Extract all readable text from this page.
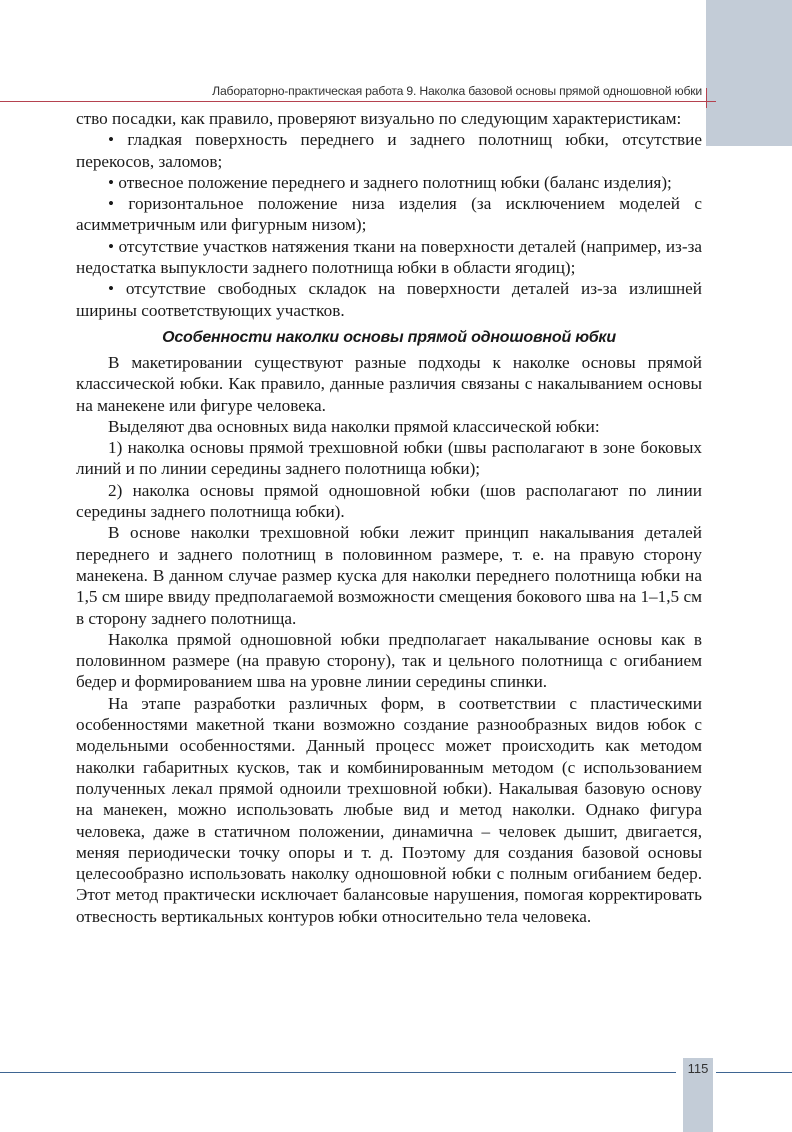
Лабораторно-практическая работа 9. Наколка базовой основы прямой одношовной юбки

ство посадки, как правило, проверяют визуально по следующим характеристикам:

• гладкая поверхность переднего и заднего полотнищ юбки, отсутствие перекосов, заломов;

• отвесное положение переднего и заднего полотнищ юбки (баланс изделия);

• горизонтальное положение низа изделия (за исключением моделей с асимметричным или фигурным низом);

• отсутствие участков натяжения ткани на поверхности деталей (например, из-за недостатка выпуклости заднего полотнища юбки в области ягодиц);

• отсутствие свободных складок на поверхности деталей из-за излишней ширины соответствующих участков.

Особенности наколки основы прямой одношовной юбки

В макетировании существуют разные подходы к наколке основы прямой классической юбки. Как правило, данные различия связаны с накалыванием основы на манекене или фигуре человека.

Выделяют два основных вида наколки прямой классической юбки:

1) наколка основы прямой трехшовной юбки (швы располагают в зоне боковых линий и по линии середины заднего полотнища юбки);

2) наколка основы прямой одношовной юбки (шов располагают по линии середины заднего полотнища юбки).

В основе наколки трехшовной юбки лежит принцип накалывания деталей переднего и заднего полотнищ в половинном размере, т. е. на правую сторону манекена. В данном случае размер куска для наколки переднего полотнища юбки на 1,5 см шире ввиду предполагаемой возможности смещения бокового шва на 1–1,5 см в сторону заднего полотнища.

Наколка прямой одношовной юбки предполагает накалывание основы как в половинном размере (на правую сторону), так и цельного полотнища с огибанием бедер и формированием шва на уровне линии середины спинки.

На этапе разработки различных форм, в соответствии с пластическими особенностями макетной ткани возможно создание разнообразных видов юбок с модельными особенностями. Данный процесс может происходить как методом наколки габаритных кусков, так и комбинированным методом (с использованием полученных лекал прямой одноили трехшовной юбки). Накалывая базовую основу на манекен, можно использовать любые вид и метод наколки. Однако фигура человека, даже в статичном положении, динамична – человек дышит, двигается, меняя периодически точку опоры и т. д. Поэтому для создания базовой основы целесообразно использовать наколку одношовной юбки с полным огибанием бедер. Этот метод практически исключает балансовые нарушения, помогая корректировать отвесность вертикальных контуров юбки относительно тела человека.

115
